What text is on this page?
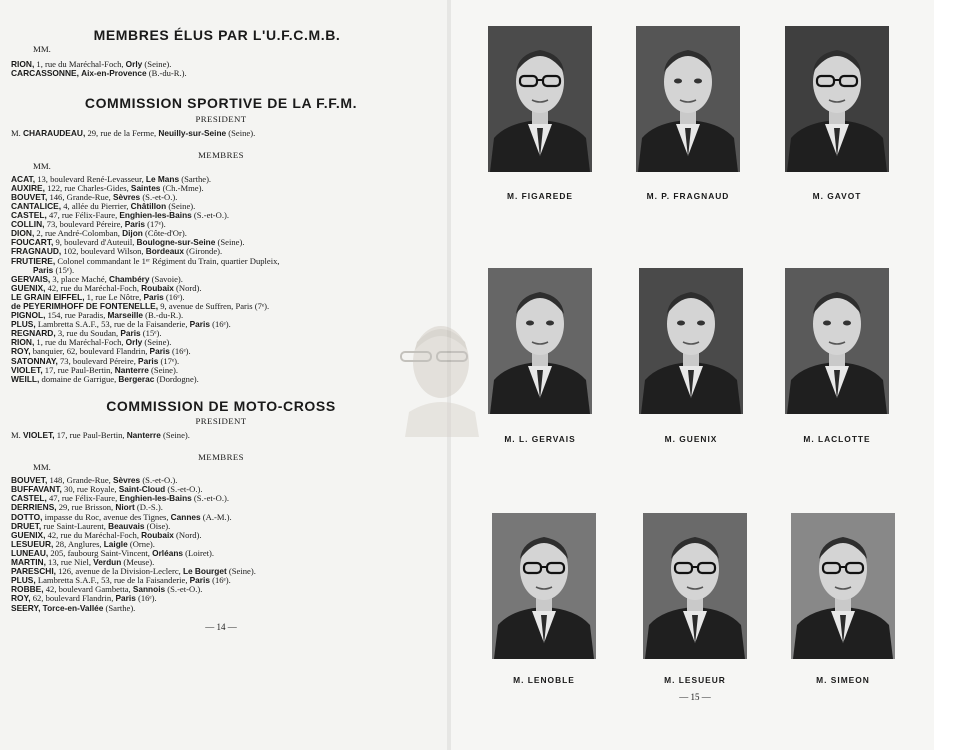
MEMBRES ÉLUS PAR L'U.F.C.M.B.
MM.
RION, 1, rue du Maréchal-Foch, Orly (Seine).
CARCASSONNE, Aix-en-Provence (B.-du-R.).
COMMISSION SPORTIVE DE LA F.F.M.
PRESIDENT
M. CHARAUDEAU, 29, rue de la Ferme, Neuilly-sur-Seine (Seine).
MEMBRES
MM.
ACAT, 13, boulevard René-Levasseur, Le Mans (Sarthe).
AUXIRE, 122, rue Charles-Gides, Saintes (Ch.-Mme).
BOUVET, 146, Grande-Rue, Sèvres (S.-et-O.).
CANTALICE, 4, allée du Pierrier, Châtillon (Seine).
CASTEL, 47, rue Félix-Faure, Enghien-les-Bains (S.-et-O.).
COLLIN, 73, boulevard Péreire, Paris (17ᵉ).
DION, 2, rue André-Colomban, Dijon (Côte-d'Or).
FOUCART, 9, boulevard d'Auteuil, Boulogne-sur-Seine (Seine).
FRAGNAUD, 102, boulevard Wilson, Bordeaux (Gironde).
FRUTIERE, Colonel commandant le 1ᵉʳ Régiment du Train, quartier Dupleix,
Paris (15ᵉ).
GERVAIS, 3, place Maché, Chambéry (Savoie).
GUENIX, 42, rue du Maréchal-Foch, Roubaix (Nord).
LE GRAIN EIFFEL, 1, rue Le Nôtre, Paris (16ᵉ).
de PEYERIMHOFF DE FONTENELLE, 9, avenue de Suffren, Paris (7ᵉ).
PIGNOL, 154, rue Paradis, Marseille (B.-du-R.).
PLUS, Lambretta S.A.F., 53, rue de la Faisanderie, Paris (16ᵉ).
REGNARD, 3, rue du Soudan, Paris (15ᵉ).
RION, 1, rue du Maréchal-Foch, Orly (Seine).
ROY, banquier, 62, boulevard Flandrin, Paris (16ᵉ).
SATONNAY, 73, boulevard Péreire, Paris (17ᵉ).
VIOLET, 17, rue Paul-Bertin, Nanterre (Seine).
WEILL, domaine de Garrigue, Bergerac (Dordogne).
COMMISSION DE MOTO-CROSS
PRESIDENT
M. VIOLET, 17, rue Paul-Bertin, Nanterre (Seine).
MEMBRES
MM.
BOUVET, 148, Grande-Rue, Sèvres (S.-et-O.).
BUFFAVANT, 30, rue Royale, Saint-Cloud (S.-et-O.).
CASTEL, 47, rue Félix-Faure, Enghien-les-Bains (S.-et-O.).
DERRIENS, 29, rue Brisson, Niort (D.-S.).
DOTTO, impasse du Roc, avenue des Tignes, Cannes (A.-M.).
DRUET, rue Saint-Laurent, Beauvais (Oise).
GUENIX, 42, rue du Maréchal-Foch, Roubaix (Nord).
LESUEUR, 28, Anglures, Laigle (Orne).
LUNEAU, 205, faubourg Saint-Vincent, Orléans (Loiret).
MARTIN, 13, rue Niel, Verdun (Meuse).
PARESCHI, 126, avenue de la Division-Leclerc, Le Bourget (Seine).
PLUS, Lambretta S.A.F., 53, rue de la Faisanderie, Paris (16ᵉ).
ROBBE, 42, boulevard Gambetta, Sannois (S.-et-O.).
ROY, 62, boulevard Flandrin, Paris (16ᵉ).
SEERY, Torce-en-Vallée (Sarthe).
— 14 —
M. FIGAREDE	M. P. FRAGNAUD	M. GAVOT
M. L. GERVAIS	M. GUENIX	M. LACLOTTE
M. LENOBLE	M. LESUEUR	M. SIMEON
— 15 —
